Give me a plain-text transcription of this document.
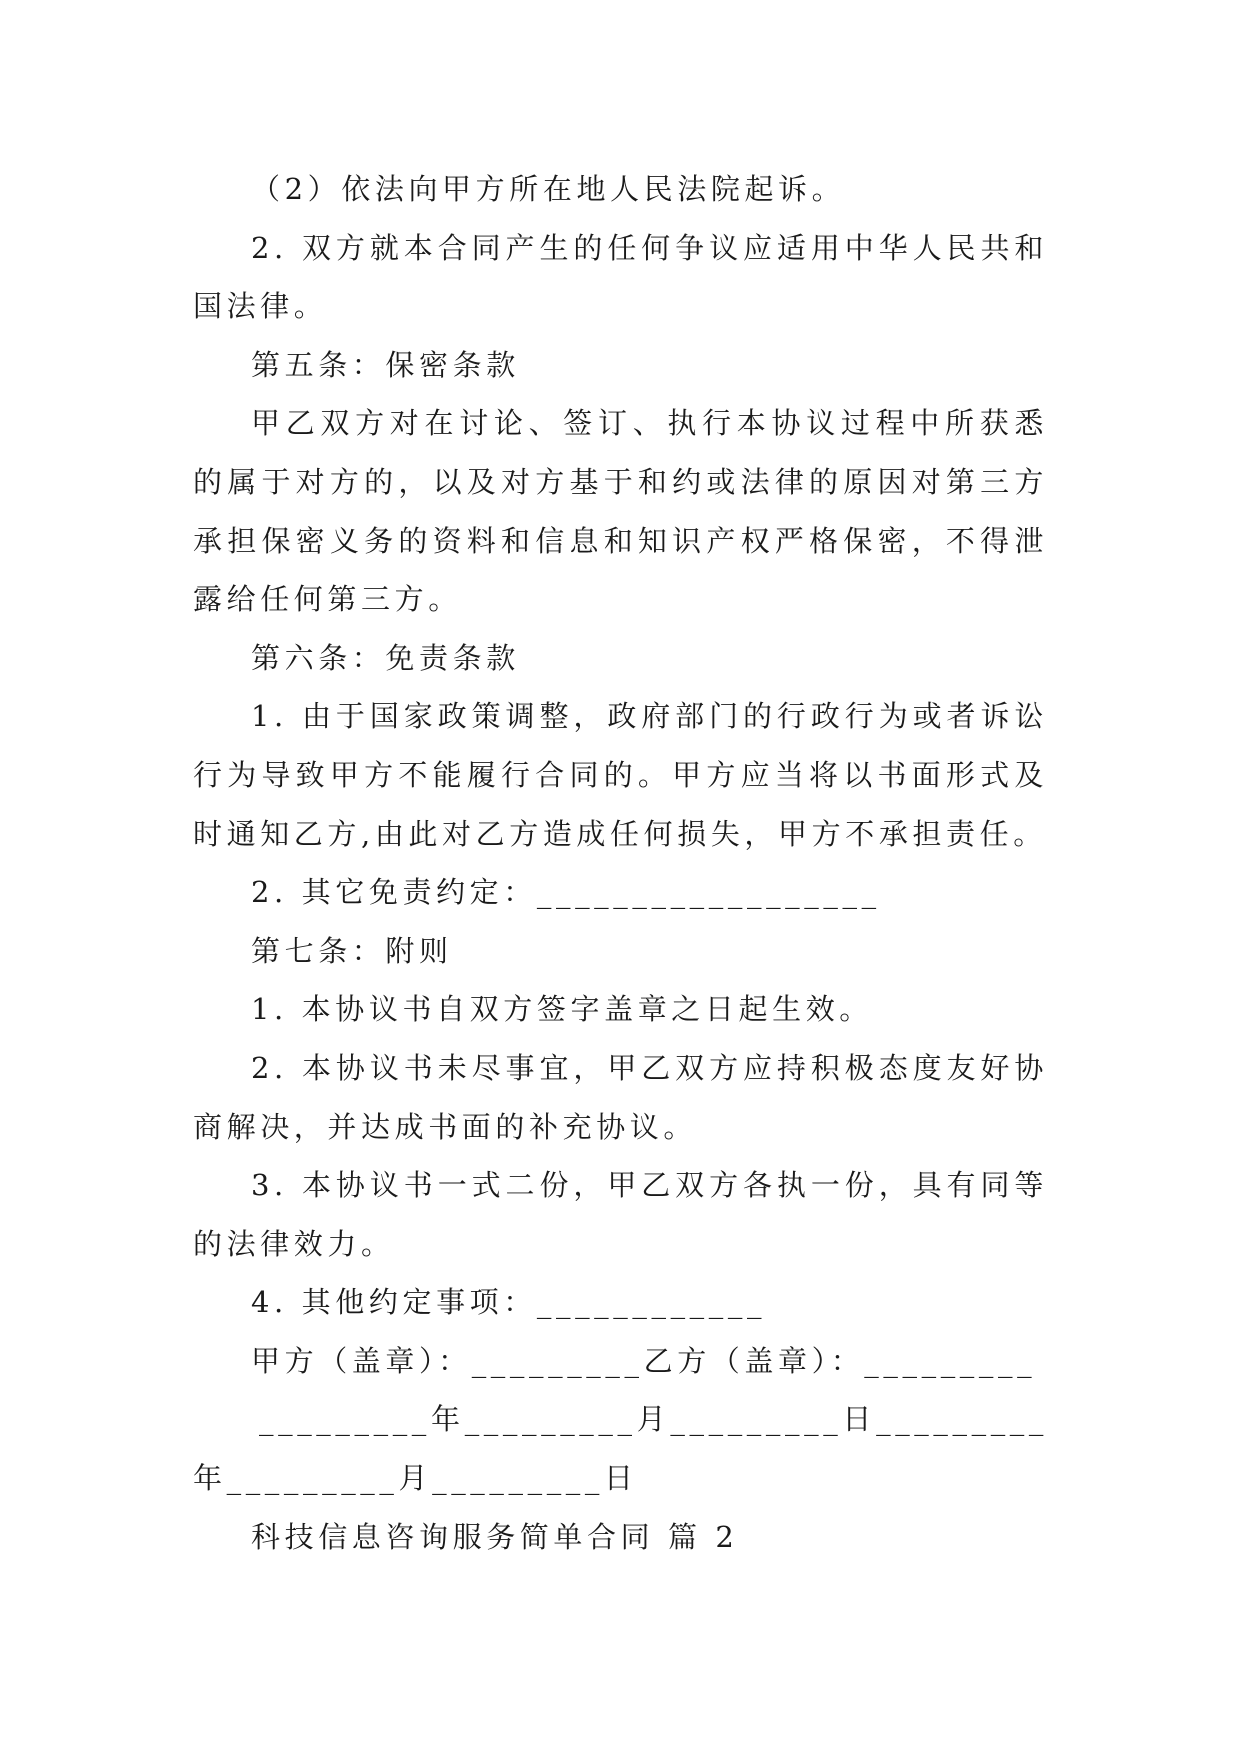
（2）依法向甲方所在地人民法院起诉。

2. 双方就本合同产生的任何争议应适用中华人民共和国法律。

第五条：保密条款

甲乙双方对在讨论、签订、执行本协议过程中所获悉的属于对方的，以及对方基于和约或法律的原因对第三方承担保密义务的资料和信息和知识产权严格保密，不得泄露给任何第三方。

第六条：免责条款

1. 由于国家政策调整，政府部门的行政行为或者诉讼行为导致甲方不能履行合同的。甲方应当将以书面形式及时通知乙方,由此对乙方造成任何损失，甲方不承担责任。

2. 其它免责约定：__________________

第七条：附则

1. 本协议书自双方签字盖章之日起生效。

2. 本协议书未尽事宜，甲乙双方应持积极态度友好协商解决，并达成书面的补充协议。

3. 本协议书一式二份，甲乙双方各执一份，具有同等的法律效力。

4. 其他约定事项：____________

甲方（盖章）：_________乙方（盖章）：_________

_________年_________月_________日_________年_________月_________日

科技信息咨询服务简单合同 篇 2
